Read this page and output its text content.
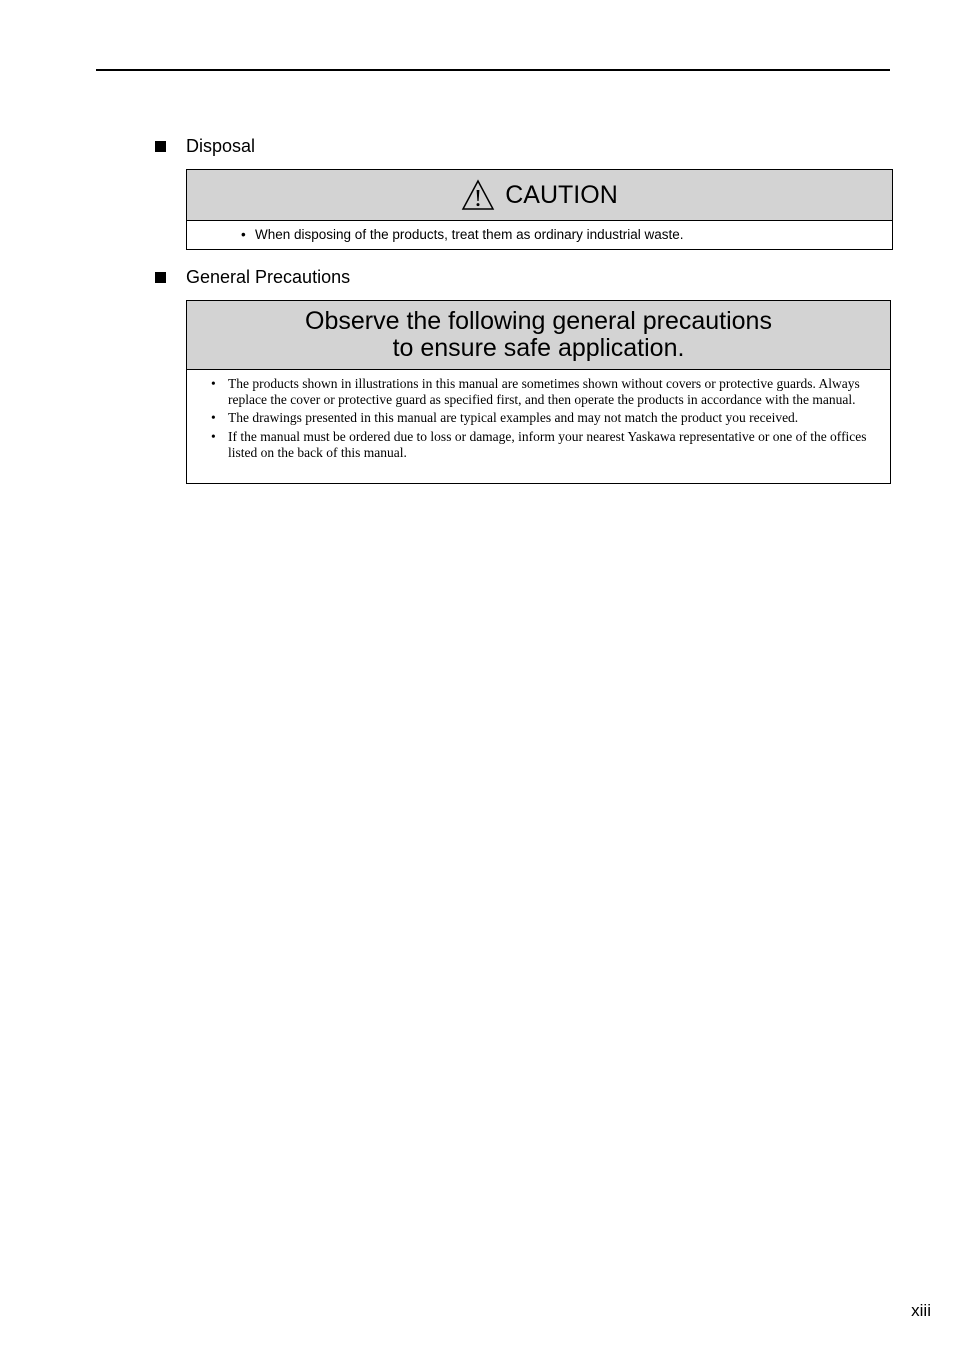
Disposal
CAUTION
• When disposing of the products, treat them as ordinary industrial waste.
General Precautions
Observe the following general precautions
to ensure safe application.
• The products shown in illustrations in this manual are sometimes shown without covers or protective guards. Always replace the cover or protective guard as specified first, and then operate the products in accordance with the manual.
• The drawings presented in this manual are typical examples and may not match the product you received.
• If the manual must be ordered due to loss or damage, inform your nearest Yaskawa representative or one of the offices listed on the back of this manual.
xiii
